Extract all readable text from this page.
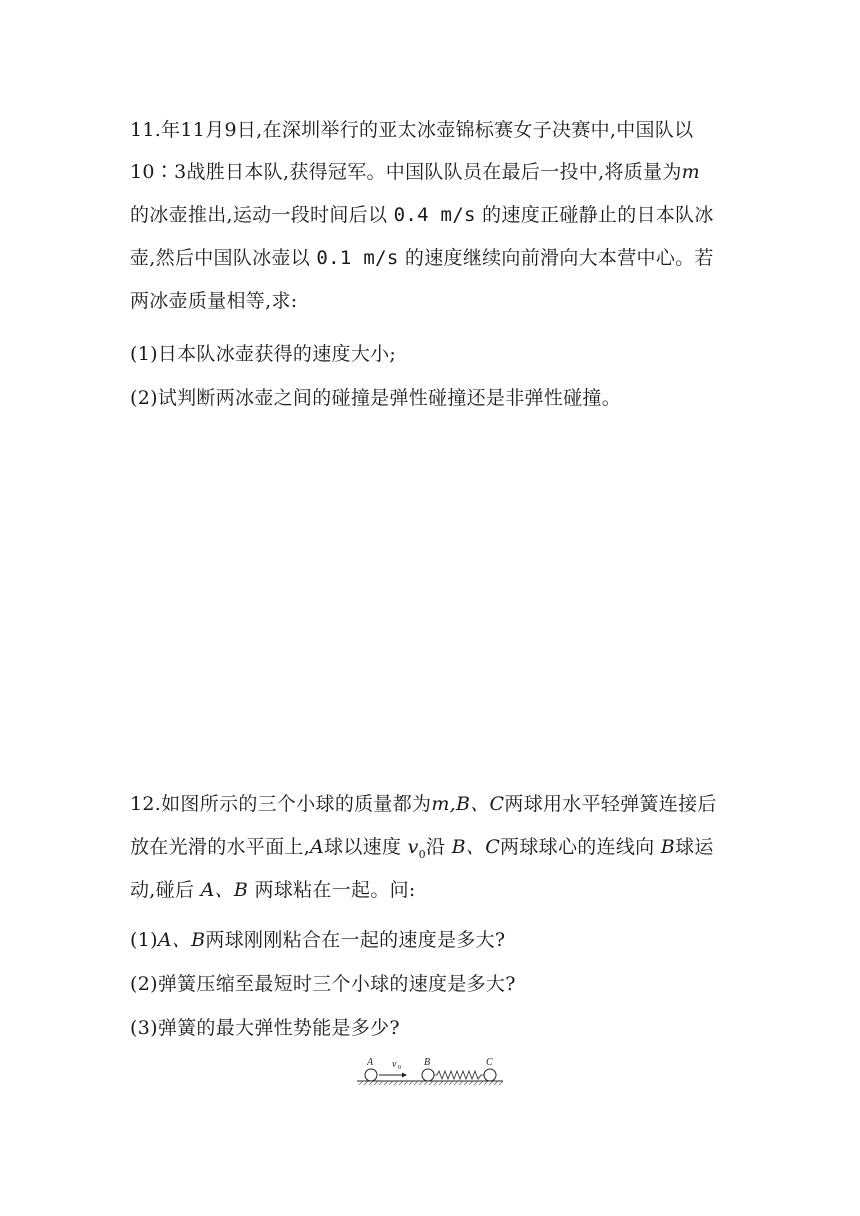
11.年11月9日,在深圳举行的亚太冰壶锦标赛女子决赛中,中国队以
10∶3战胜日本队,获得冠军。中国队队员在最后一投中,将质量为m
的冰壶推出,运动一段时间后以 0.4 m/s 的速度正碰静止的日本队冰
壶,然后中国队冰壶以 0.1 m/s 的速度继续向前滑向大本营中心。若
两冰壶质量相等,求:
(1)日本队冰壶获得的速度大小;
(2)试判断两冰壶之间的碰撞是弹性碰撞还是非弹性碰撞。
12.如图所示的三个小球的质量都为m,B、C两球用水平轻弹簧连接后
放在光滑的水平面上,A球以速度 $v_0$沿 B、C两球球心的连线向 B球运
动,碰后 A、B 两球粘在一起。问:
(1)A、B两球刚刚粘合在一起的速度是多大?
(2)弹簧压缩至最短时三个小球的速度是多大?
(3)弹簧的最大弹性势能是多少?
A v 0 B	C
